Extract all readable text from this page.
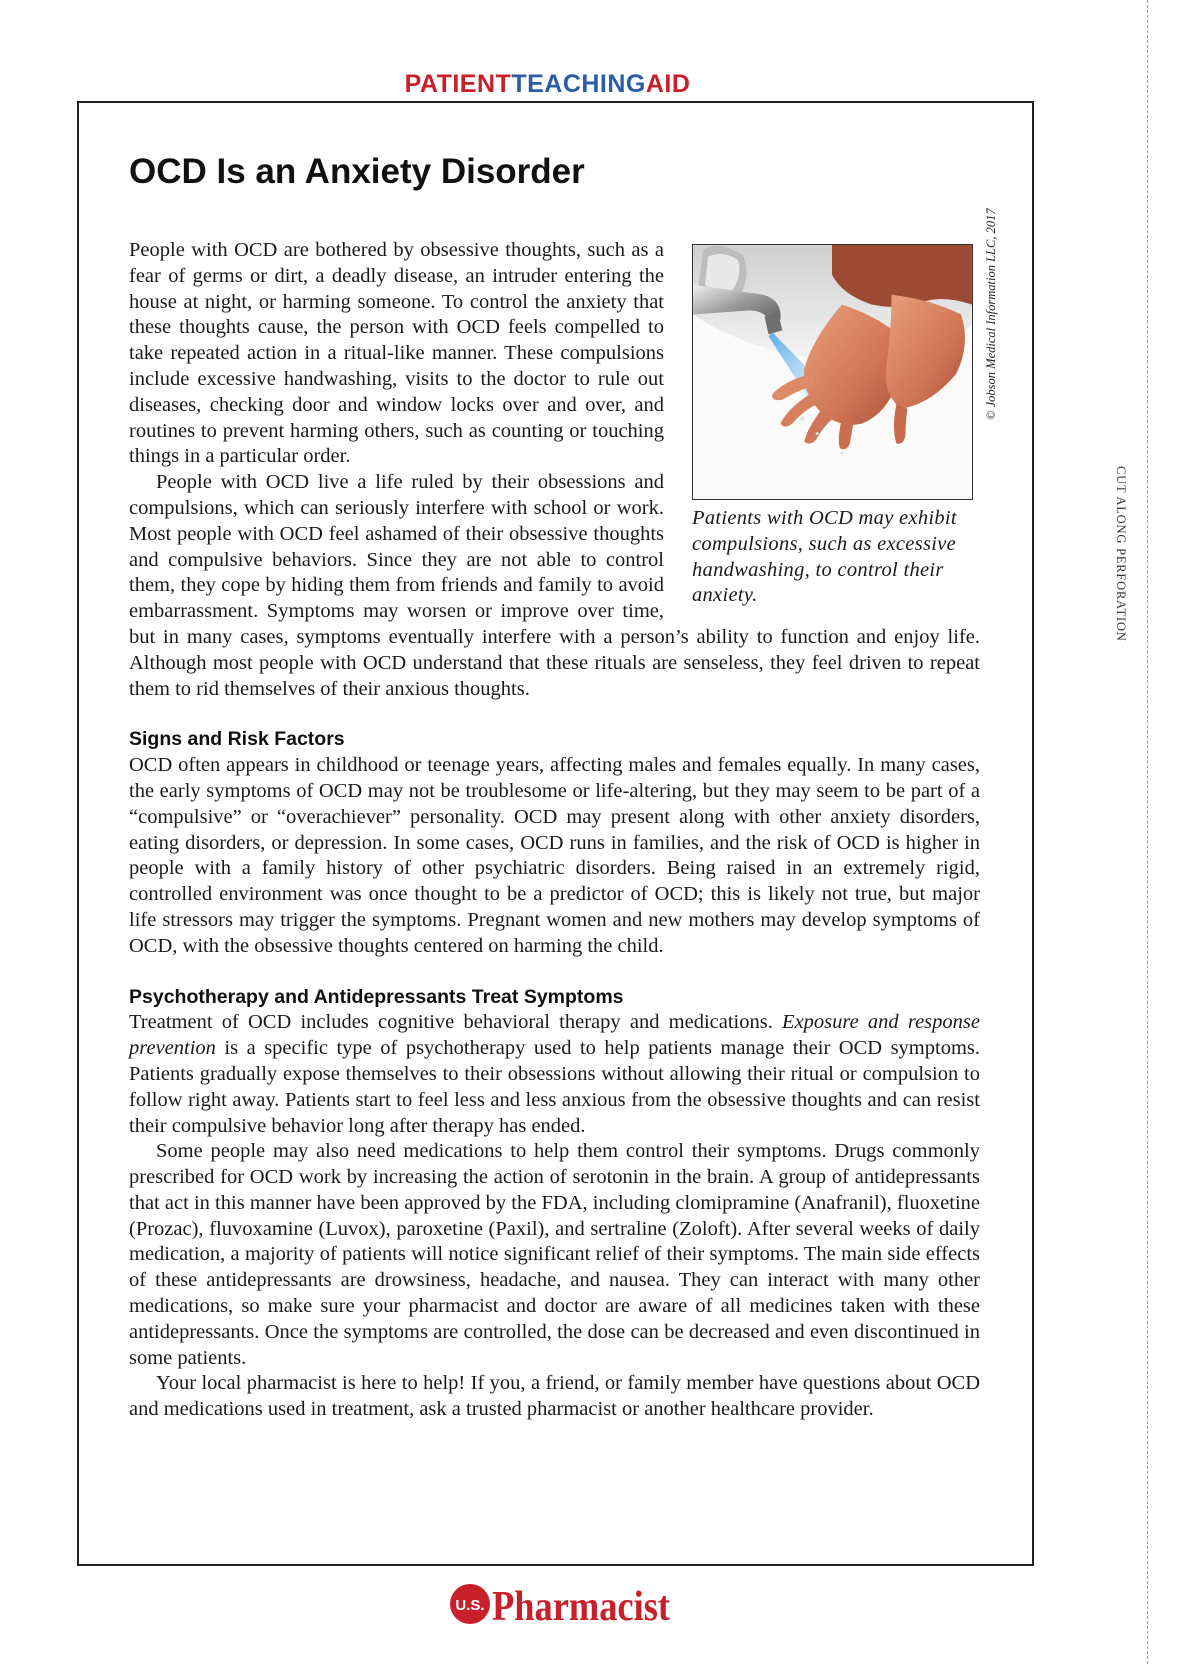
PATIENTTEACHINGAID
© Jobson Medical Information LLC, 2017
OCD Is an Anxiety Disorder
Patients with OCD may exhibit compulsions, such as excessive handwashing, to control their anxiety.

People with OCD are bothered by obsessive thoughts, such as a fear of germs or dirt, a deadly disease, an intruder entering the house at night, or harming someone. To control the anxiety that these thoughts cause, the person with OCD feels compelled to take repeated action in a ritual-like manner. These compulsions include excessive handwashing, visits to the doctor to rule out diseases, checking door and window locks over and over, and routines to prevent harming others, such as counting or touching things in a particular order.

People with OCD live a life ruled by their obsessions and compulsions, which can seriously interfere with school or work. Most people with OCD feel ashamed of their obsessive thoughts and compulsive behaviors. Since they are not able to control them, they cope by hiding them from friends and family to avoid embarrassment. Symptoms may worsen or improve over time, but in many cases, symptoms eventually interfere with a person’s ability to function and enjoy life. Although most people with OCD understand that these rituals are senseless, they feel driven to repeat them to rid themselves of their anxious thoughts.

Signs and Risk Factors

OCD often appears in childhood or teenage years, affecting males and females equally. In many cases, the early symptoms of OCD may not be troublesome or life-altering, but they may seem to be part of a “compulsive” or “overachiever” personality. OCD may present along with other anxiety disorders, eating disorders, or depression. In some cases, OCD runs in families, and the risk of OCD is higher in people with a family history of other psychiatric disorders. Being raised in an extremely rigid, controlled environment was once thought to be a predictor of OCD; this is likely not true, but major life stressors may trigger the symptoms. Pregnant women and new mothers may develop symptoms of OCD, with the obsessive thoughts centered on harming the child.

Psychotherapy and Antidepressants Treat Symptoms

Treatment of OCD includes cognitive behavioral therapy and medications. Exposure and response prevention is a specific type of psychotherapy used to help patients manage their OCD symptoms. Patients gradually expose themselves to their obsessions without allowing their ritual or compulsion to follow right away. Patients start to feel less and less anxious from the obsessive thoughts and can resist their compulsive behavior long after therapy has ended.

Some people may also need medications to help them control their symptoms. Drugs commonly prescribed for OCD work by increasing the action of serotonin in the brain. A group of antidepressants that act in this manner have been approved by the FDA, including clomipramine (Anafranil), fluoxetine (Prozac), fluvoxamine (Luvox), paroxetine (Paxil), and sertraline (Zoloft). After several weeks of daily medication, a majority of patients will notice significant relief of their symptoms. The main side effects of these antidepressants are drowsiness, headache, and nausea. They can interact with many other medications, so make sure your pharmacist and doctor are aware of all medicines taken with these antidepressants. Once the symptoms are controlled, the dose can be decreased and even discontinued in some patients.

Your local pharmacist is here to help! If you, a friend, or family member have questions about OCD and medications used in treatment, ask a trusted pharmacist or another healthcare provider.

U.S. Pharmacist
CUT ALONG PERFORATION
